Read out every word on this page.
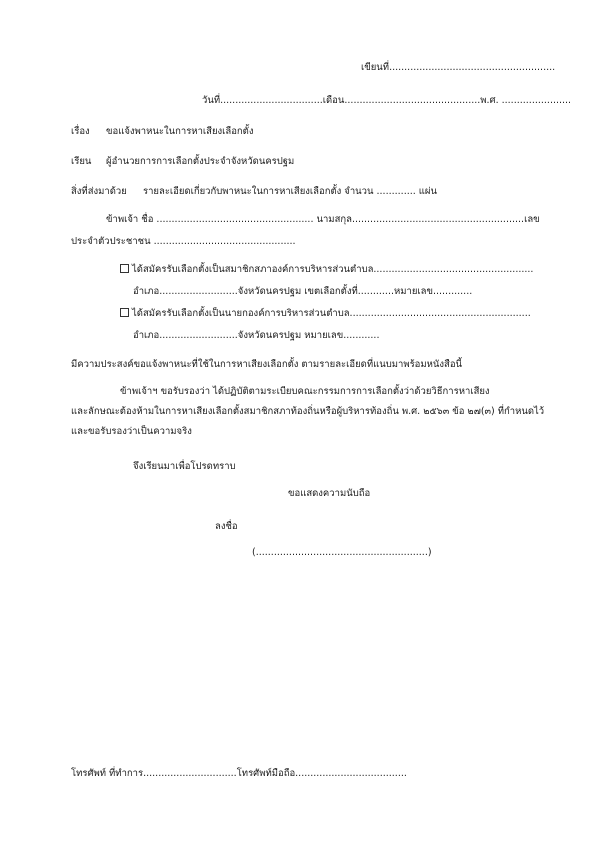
เขียนที่.......................................................
วันที่..................................เดือน.............................................พ.ศ. .......................
เรื่อง ขอแจ้งพาหนะในการหาเสียงเลือกตั้ง
เรียน ผู้อำนวยการการเลือกตั้งประจำจังหวัดนครปฐม
สิ่งที่ส่งมาด้วย รายละเอียดเกี่ยวกับพาหนะในการหาเสียงเลือกตั้ง จำนวน ............. แผ่น
ข้าพเจ้า ชื่อ .................................................... นามสกุล.........................................................เลข
ประจำตัวประชาชน ...............................................
ได้สมัครรับเลือกตั้งเป็นสมาชิกสภาองค์การบริหารส่วนตำบล.....................................................
อำเภอ..........................จังหวัดนครปฐม เขตเลือกตั้งที่............หมายเลข.............
ได้สมัครรับเลือกตั้งเป็นนายกองค์การบริหารส่วนตำบล............................................................
อำเภอ..........................จังหวัดนครปฐม หมายเลข............
มีความประสงค์ขอแจ้งพาหนะที่ใช้ในการหาเสียงเลือกตั้ง ตามรายละเอียดที่แนบมาพร้อมหนังสือนี้
ข้าพเจ้าฯ ขอรับรองว่า ได้ปฏิบัติตามระเบียบคณะกรรมการการเลือกตั้งว่าด้วยวิธีการหาเสียง
และลักษณะต้องห้ามในการหาเสียงเลือกตั้งสมาชิกสภาท้องถิ่นหรือผู้บริหารท้องถิ่น พ.ศ. ๒๕๖๓ ข้อ ๒๗(๓) ที่กำหนดไว้
และขอรับรองว่าเป็นความจริง
จึงเรียนมาเพื่อโปรดทราบ
ขอแสดงความนับถือ
ลงชื่อ
(.........................................................)
โทรศัพท์ ที่ทำการ...............................โทรศัพท์มือถือ.....................................
